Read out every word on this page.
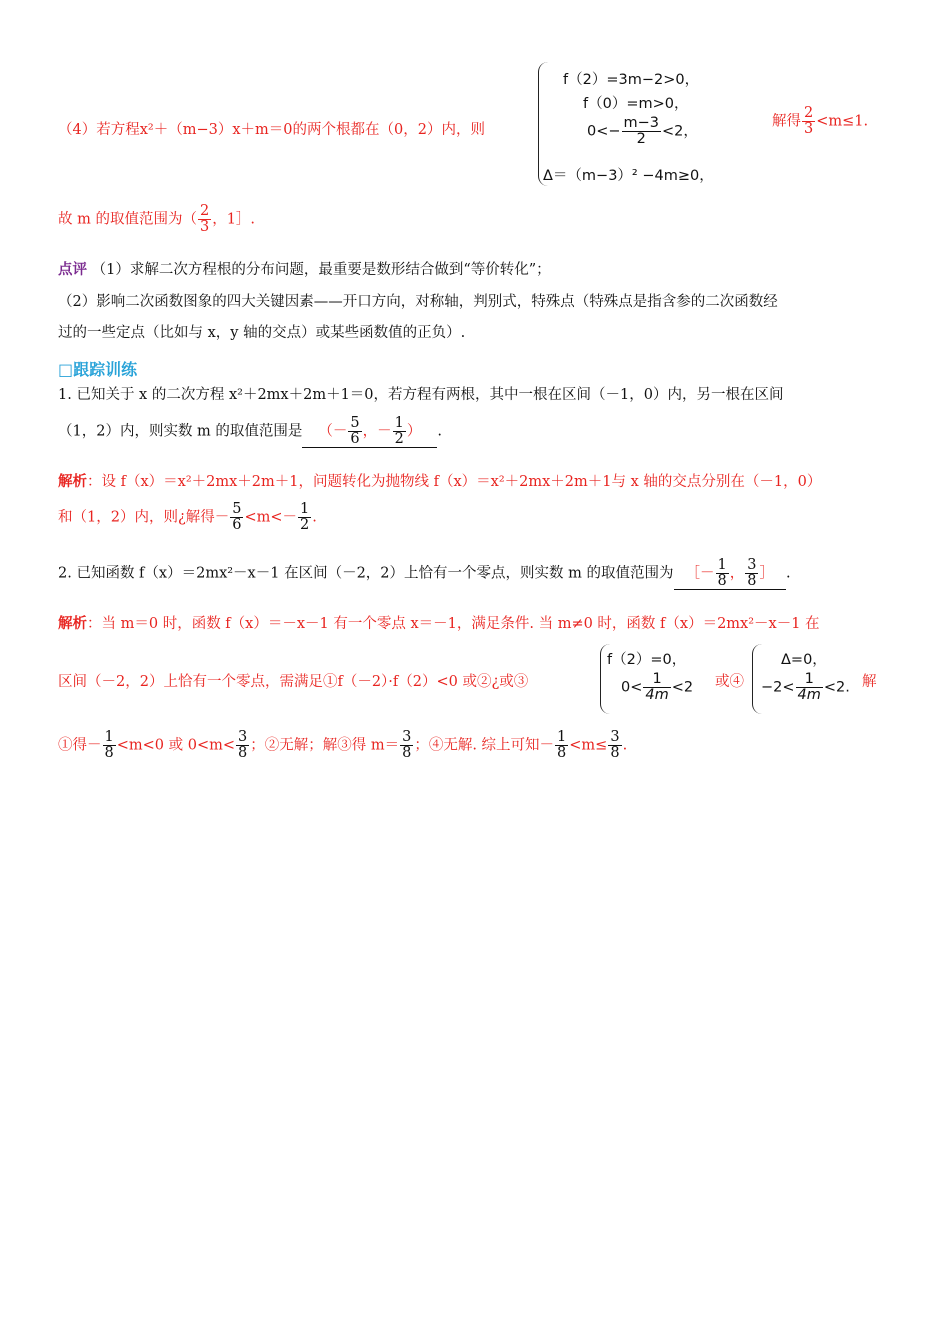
（4）若方程x²＋（m−3）x＋m＝0的两个根都在（0，2）内，则
f（2）=3m−2>0，
f（0）=m>0，
$0<- \frac{m-3}{2} <2$，
Δ＝（m−3）² −4m≥0，
解得 $\frac{2}{3} <m\le 1$.
故 m 的取值范围为（ $\frac{2}{3}$ ，1］.
点评 （1）求解二次方程根的分布问题，最重要是数形结合做到“等价转化”；
（2）影响二次函数图象的四大关键因素——开口方向，对称轴，判别式，特殊点（特殊点是指含参的二次函数经
过的一些定点（比如与 x，y 轴的交点）或某些函数值的正负）.
□跟踪训练
1. 已知关于 x 的二次方程 x²＋2mx＋2m＋1＝0，若方程有两根，其中一根在区间（－1，0）内，另一根在区间
（1，2）内，则实数 m 的取值范围是 （－ $\frac{5}{6}$ ，－ $\frac{1}{2}$ ） .
解析：设 f（x）＝x²＋2mx＋2m＋1，问题转化为抛物线 f（x）＝x²＋2mx＋2m＋1与 x 轴的交点分别在（－1，0）
和（1，2）内，则¿解得－ $\frac{5}{6} <m<- \frac{1}{2}$ .
2. 已知函数 f（x）＝2mx²－x－1 在区间（－2，2）上恰有一个零点，则实数 m 的取值范围为 ［－ $\frac{1}{8}$ ， $\frac{3}{8}$ ］ .
解析：当 m＝0 时，函数 f（x）＝－x－1 有一个零点 x＝－1，满足条件. 当 m≠0 时，函数 f（x）＝2mx²－x－1 在
区间（－2，2）上恰有一个零点，需满足①f（－2）·f（2）<0 或②¿或③
f（2）=0，
$0< \frac{1}{4m} <2$ 或④
Δ=0，
$-2< \frac{1}{4m} <2$. 解
①得－ $\frac{1}{8} <m<0$ 或 $0<m< \frac{3}{8}$ ；②无解；解③得 $m= \frac{3}{8}$ ；④无解. 综上可知－ $\frac{1}{8} <m\le \frac{3}{8}$ .
